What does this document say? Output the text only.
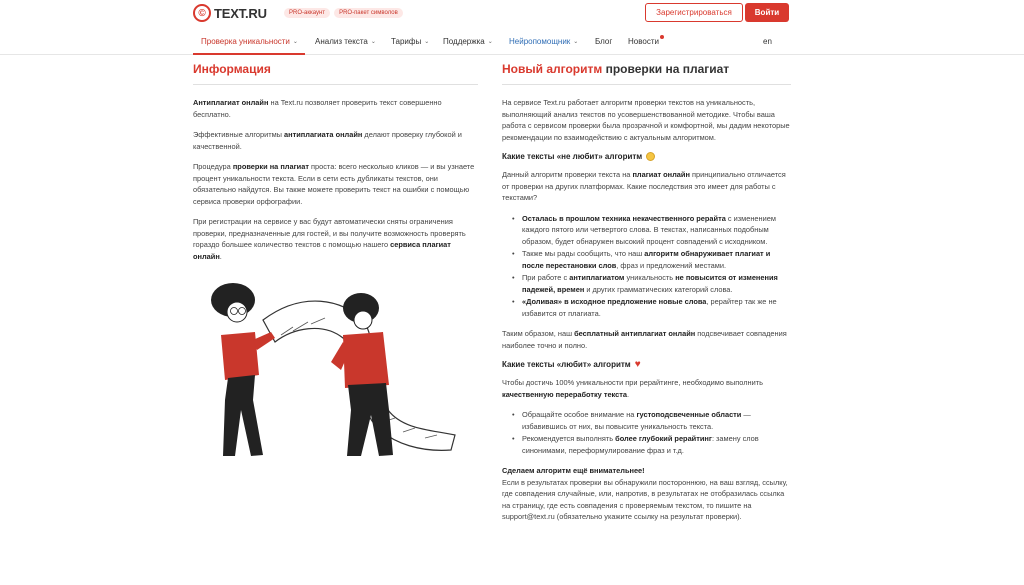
© TEXT.RU	PRO-аккаунт	PRO-пакет символов	Зарегистрироваться	Войти
Проверка уникальности ⌄ Анализ текста ⌄ Тарифы ⌄ Поддержка ⌄ Нейропомощник ⌄ Блог Новости	en
Информация

Антиплагиат онлайн на Text.ru позволяет проверить текст совершенно бесплатно.

Эффективные алгоритмы антиплагиата онлайн делают проверку глубокой и качественной.

Процедура проверки на плагиат проста: всего несколько кликов — и вы узнаете процент уникальности текста. Если в сети есть дубликаты текстов, они обязательно найдутся. Вы также можете проверить текст на ошибки с помощью сервиса проверки орфографии.

При регистрации на сервисе у вас будут автоматически сняты ограничения проверки, предназначенные для гостей, и вы получите возможность проверять гораздо большее количество текстов с помощью нашего сервиса плагиат онлайн.

Новый алгоритм проверки на плагиат

На сервисе Text.ru работает алгоритм проверки текстов на уникальность, выполняющий анализ текстов по усовершенствованной методике. Чтобы ваша работа с сервисом проверки была прозрачной и комфортной, мы дадим некоторые рекомендации по взаимодействию с актуальным алгоритмом.

Какие тексты «не любит» алгоритм

Данный алгоритм проверки текста на плагиат онлайн принципиально отличается от проверки на других платформах. Какие последствия это имеет для работы с текстами?

• Осталась в прошлом техника некачественного рерайта с изменением каждого пятого или четвертого слова. В текстах, написанных подобным образом, будет обнаружен высокий процент совпадений с исходником.
• Также мы рады сообщить, что наш алгоритм обнаруживает плагиат и после перестановки слов, фраз и предложений местами.
• При работе с антиплагиатом уникальность не повысится от изменения падежей, времен и других грамматических категорий слова.
• «Доливая» в исходное предложение новые слова, рерайтер так же не избавится от плагиата.

Таким образом, наш бесплатный антиплагиат онлайн подсвечивает совпадения наиболее точно и полно.

Какие тексты «любит» алгоритм ♥

Чтобы достичь 100% уникальности при рерайтинге, необходимо выполнить качественную переработку текста.

• Обращайте особое внимание на густоподсвеченные области — избавившись от них, вы повысите уникальность текста.
• Рекомендуется выполнять более глубокий рерайтинг: замену слов синонимами, переформулирование фраз и т.д.

Сделаем алгоритм ещё внимательнее!
Если в результатах проверки вы обнаружили постороннюю, на ваш взгляд, ссылку, где совпадения случайные, или, напротив, в результатах не отобразилась ссылка на страницу, где есть совпадения с проверяемым текстом, то пишите на support@text.ru (обязательно укажите ссылку на результат проверки).
